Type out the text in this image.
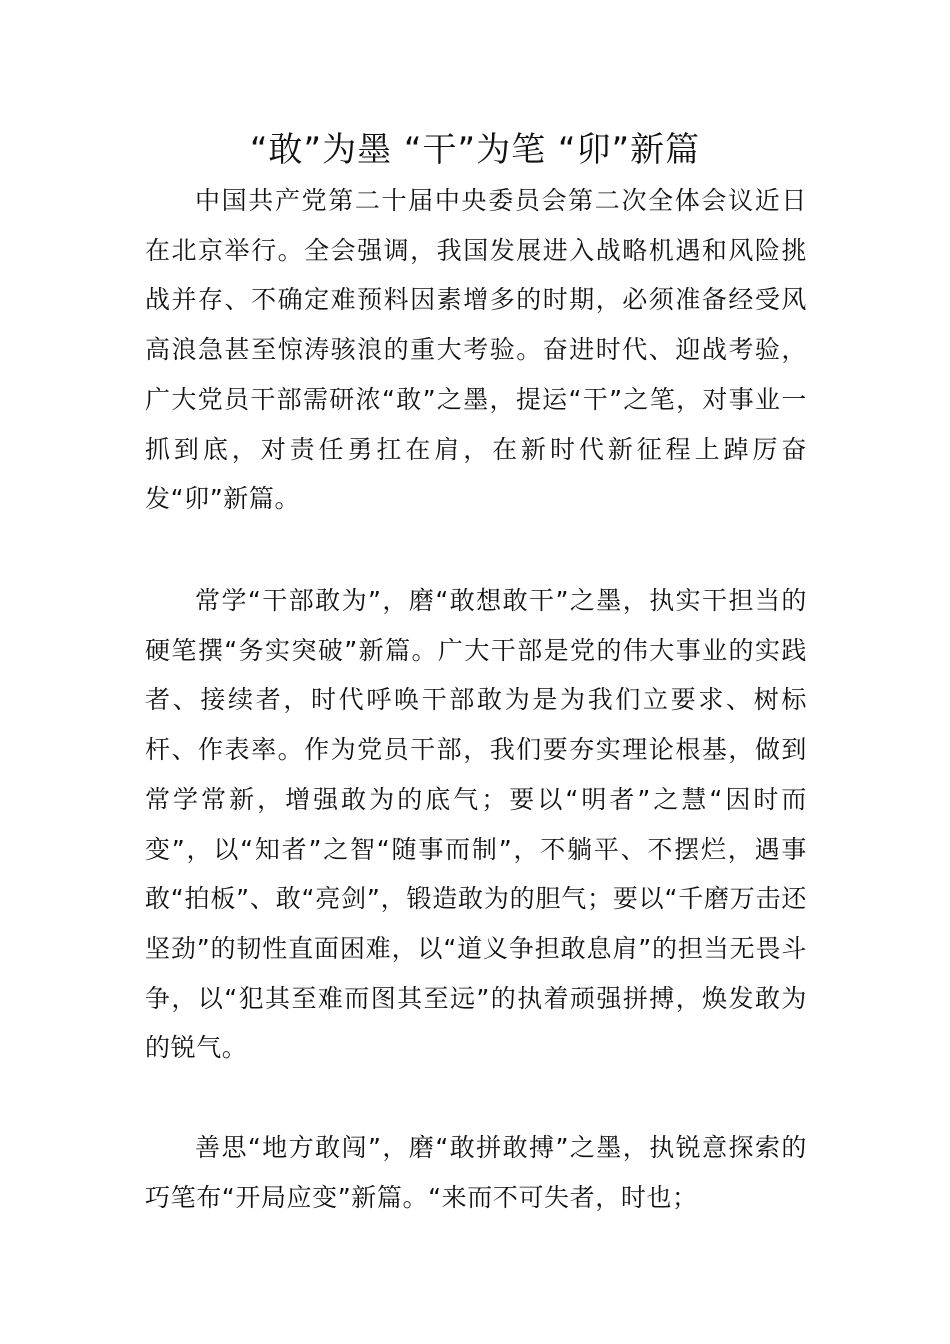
“敢”为墨 “干”为笔 “卯”新篇

中国共产党第二十届中央委员会第二次全体会议近日在北京举行。全会强调，我国发展进入战略机遇和风险挑战并存、不确定难预料因素增多的时期，必须准备经受风高浪急甚至惊涛骇浪的重大考验。奋进时代、迎战考验，广大党员干部需研浓“敢”之墨，提运“干”之笔，对事业一抓到底，对责任勇扛在肩，在新时代新征程上踔厉奋发“卯”新篇。

常学“干部敢为”，磨“敢想敢干”之墨，执实干担当的硬笔撰“务实突破”新篇。广大干部是党的伟大事业的实践者、接续者，时代呼唤干部敢为是为我们立要求、树标杆、作表率。作为党员干部，我们要夯实理论根基，做到常学常新，增强敢为的底气；要以“明者”之慧“因时而变”，以“知者”之智“随事而制”，不躺平、不摆烂，遇事敢“拍板”、敢“亮剑”，锻造敢为的胆气；要以“千磨万击还坚劲”的韧性直面困难，以“道义争担敢息肩”的担当无畏斗争，以“犯其至难而图其至远”的执着顽强拼搏，焕发敢为的锐气。

善思“地方敢闯”，磨“敢拼敢搏”之墨，执锐意探索的巧笔布“开局应变”新篇。“来而不可失者，时也；
